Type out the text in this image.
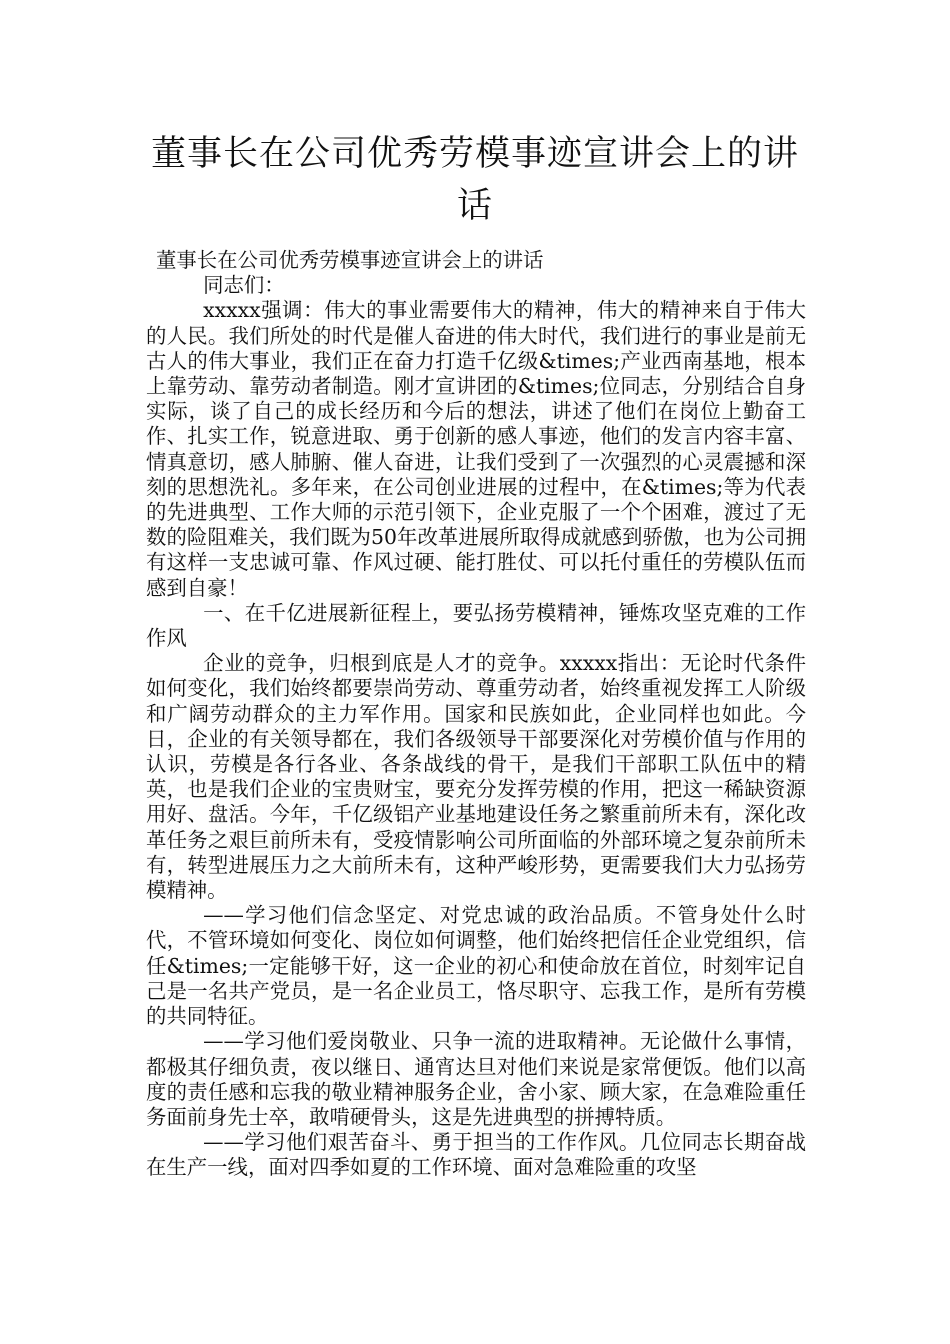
董事长在公司优秀劳模事迹宣讲会上的讲话

董事长在公司优秀劳模事迹宣讲会上的讲话

同志们：

xxxxx强调：伟大的事业需要伟大的精神，伟大的精神来自于伟大的人民。我们所处的时代是催人奋进的伟大时代，我们进行的事业是前无古人的伟大事业，我们正在奋力打造千亿级&times;产业西南基地，根本上靠劳动、靠劳动者制造。刚才宣讲团的&times;位同志，分别结合自身实际，谈了自己的成长经历和今后的想法，讲述了他们在岗位上勤奋工作、扎实工作，锐意进取、勇于创新的感人事迹，他们的发言内容丰富、情真意切，感人肺腑、催人奋进，让我们受到了一次强烈的心灵震撼和深刻的思想洗礼。多年来，在公司创业进展的过程中，在&times;等为代表的先进典型、工作大师的示范引领下，企业克服了一个个困难，渡过了无数的险阻难关，我们既为50年改革进展所取得成就感到骄傲，也为公司拥有这样一支忠诚可靠、作风过硬、能打胜仗、可以托付重任的劳模队伍而感到自豪！

一、在千亿进展新征程上，要弘扬劳模精神，锤炼攻坚克难的工作作风

企业的竞争，归根到底是人才的竞争。xxxxx指出：无论时代条件如何变化，我们始终都要崇尚劳动、尊重劳动者，始终重视发挥工人阶级和广阔劳动群众的主力军作用。国家和民族如此，企业同样也如此。今日，企业的有关领导都在，我们各级领导干部要深化对劳模价值与作用的认识，劳模是各行各业、各条战线的骨干，是我们干部职工队伍中的精英，也是我们企业的宝贵财宝，要充分发挥劳模的作用，把这一稀缺资源用好、盘活。今年，千亿级铝产业基地建设任务之繁重前所未有，深化改革任务之艰巨前所未有，受疫情影响公司所面临的外部环境之复杂前所未有，转型进展压力之大前所未有，这种严峻形势，更需要我们大力弘扬劳模精神。

——学习他们信念坚定、对党忠诚的政治品质。不管身处什么时代，不管环境如何变化、岗位如何调整，他们始终把信任企业党组织，信任&times;一定能够干好，这一企业的初心和使命放在首位，时刻牢记自己是一名共产党员，是一名企业员工，恪尽职守、忘我工作，是所有劳模的共同特征。

——学习他们爱岗敬业、只争一流的进取精神。无论做什么事情，都极其仔细负责，夜以继日、通宵达旦对他们来说是家常便饭。他们以高度的责任感和忘我的敬业精神服务企业，舍小家、顾大家，在急难险重任务面前身先士卒，敢啃硬骨头，这是先进典型的拼搏特质。

——学习他们艰苦奋斗、勇于担当的工作作风。几位同志长期奋战在生产一线，面对四季如夏的工作环境、面对急难险重的攻坚
